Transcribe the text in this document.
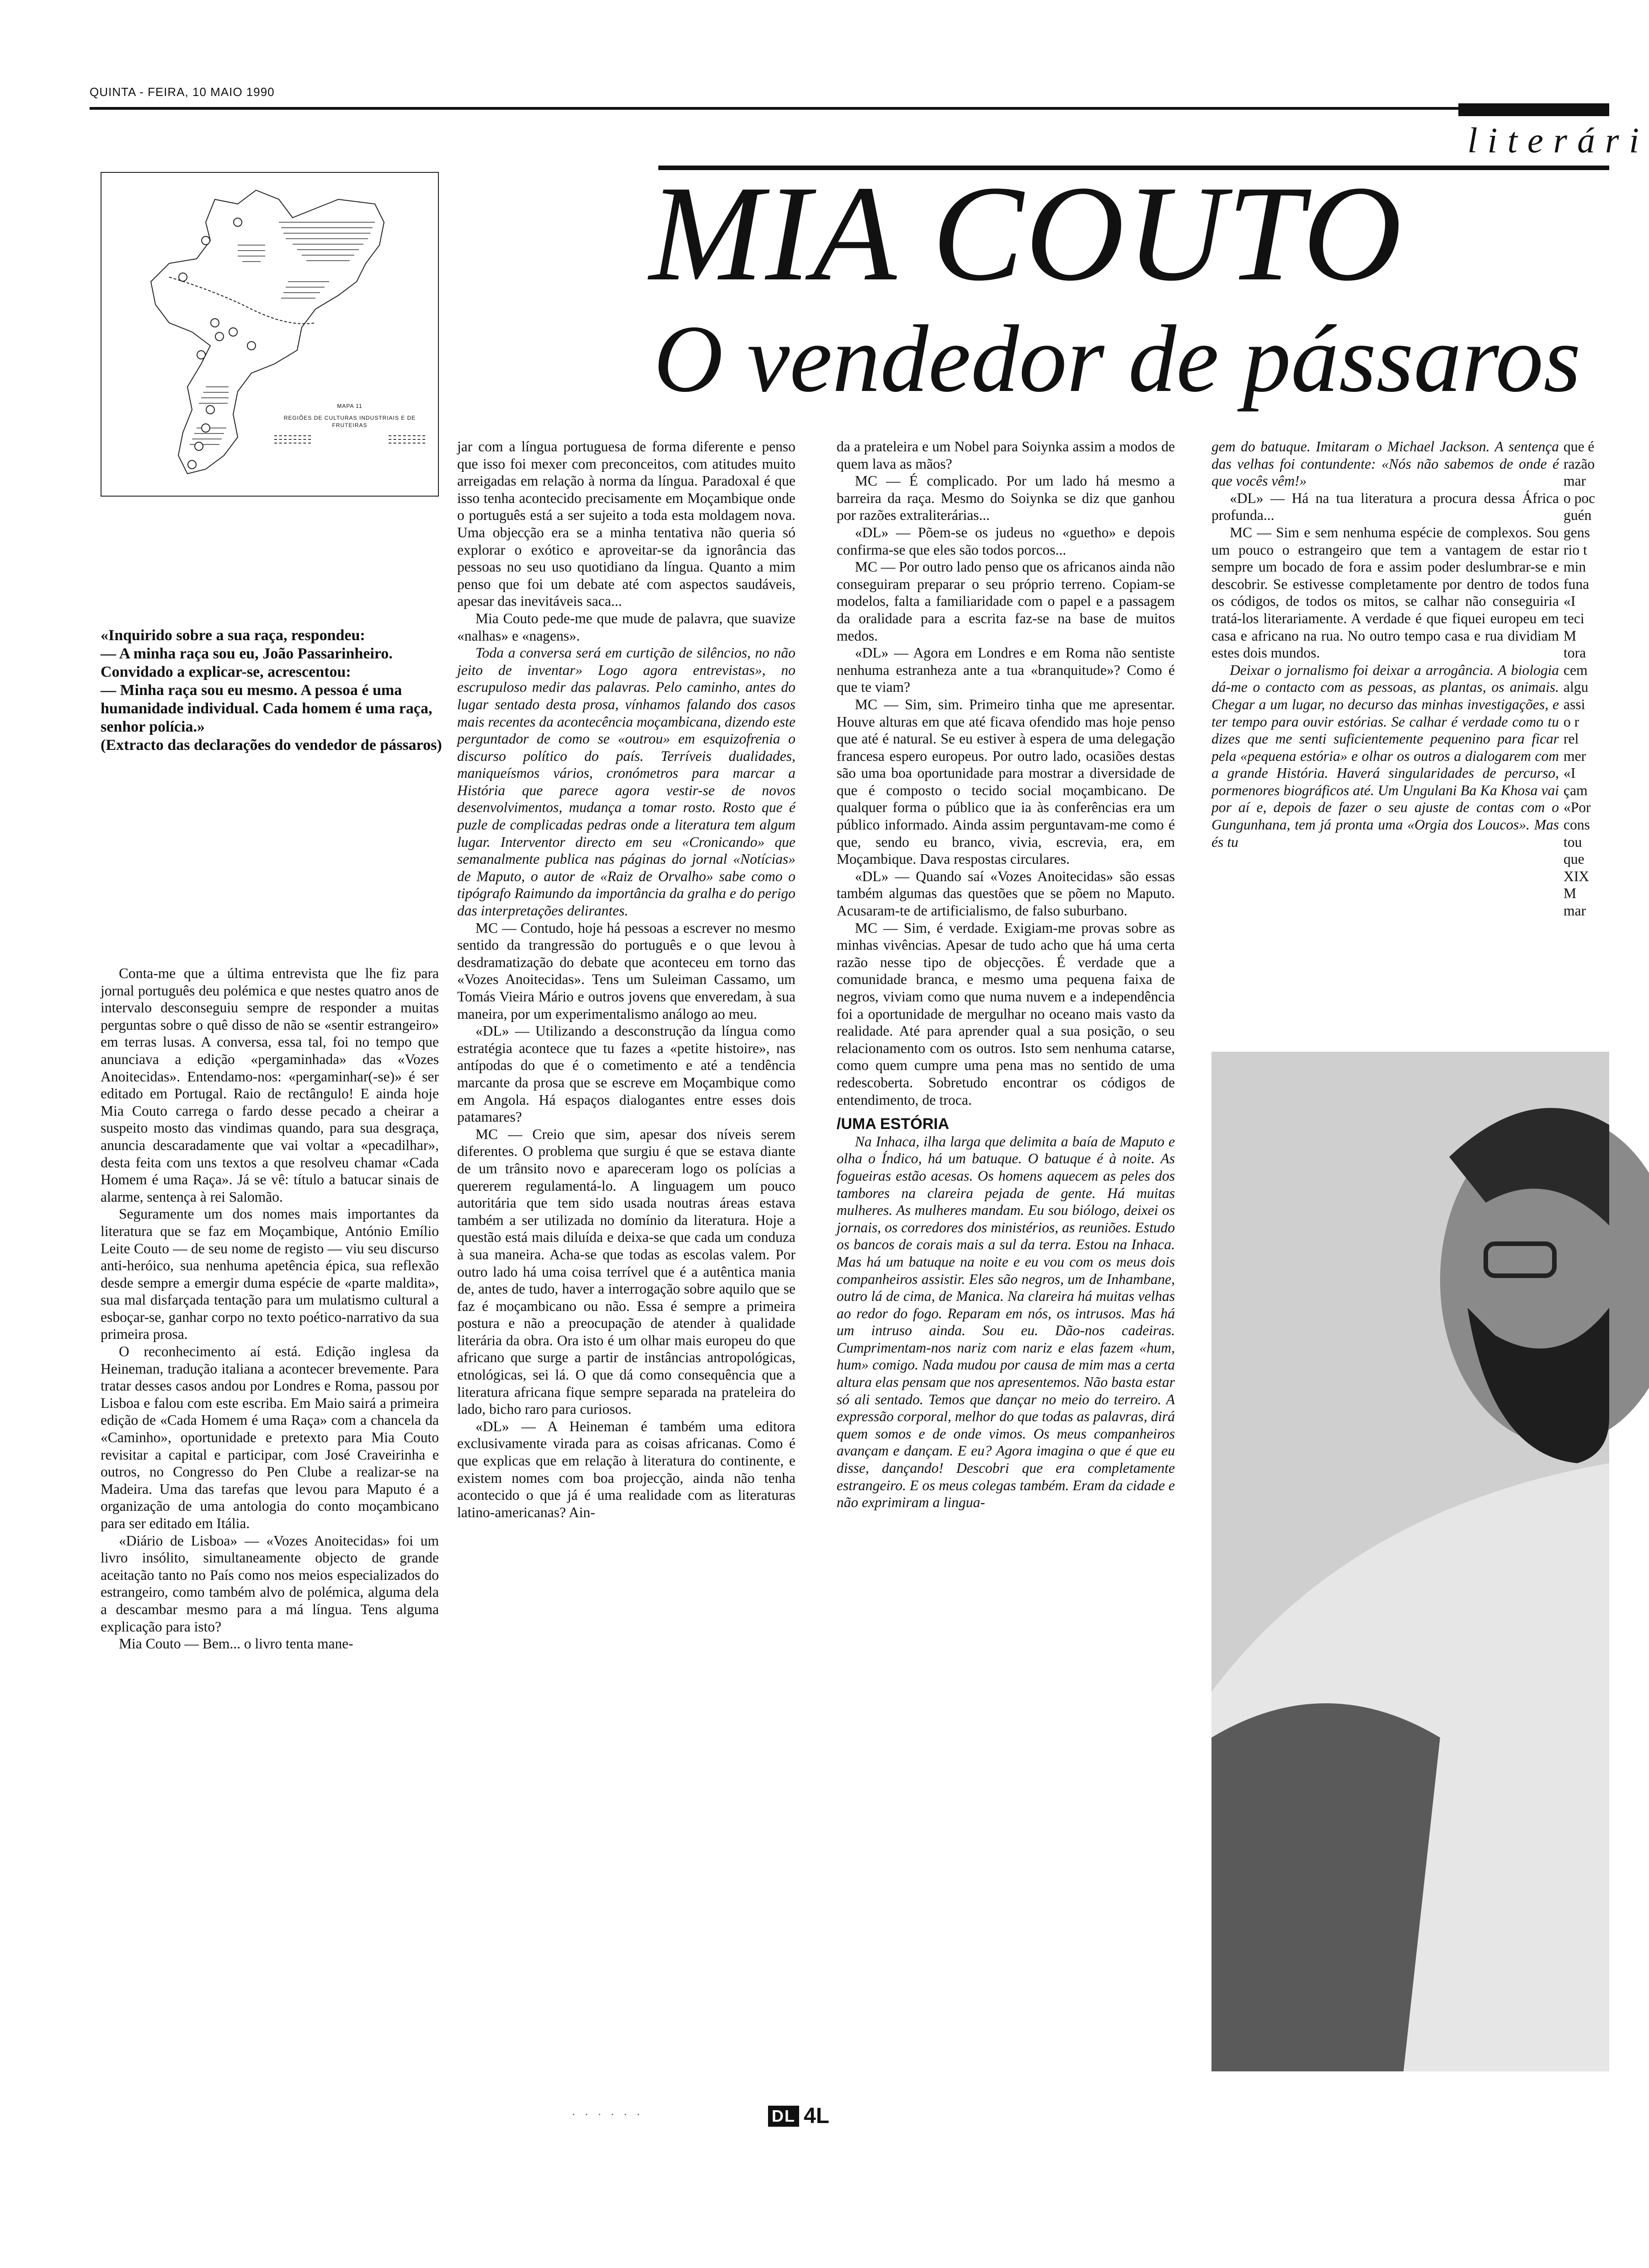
QUINTA - FEIRA, 10 MAIO 1990
literári
MIA COUTO
O vendedor de pássaros
MAPA 11
REGIÕES DE CULTURAS INDUSTRIAIS E DE FRUTEIRAS

«Inquirido sobre a sua raça, respondeu:

— A minha raça sou eu, João Passarinheiro.

Convidado a explicar-se, acrescentou:

— Minha raça sou eu mesmo. A pessoa é uma humanidade individual. Cada homem é uma raça, senhor polícia.»

(Extracto das declarações do vendedor de pássaros)

Conta-me que a última entrevista que lhe fiz para jornal português deu polémica e que nestes quatro anos de intervalo desconseguiu sempre de responder a muitas perguntas sobre o quê disso de não se «sentir estrangeiro» em terras lusas. A conversa, essa tal, foi no tempo que anunciava a edição «pergaminhada» das «Vozes Anoitecidas». Entendamo-nos: «pergaminhar(-se)» é ser editado em Portugal. Raio de rectângulo! E ainda hoje Mia Couto carrega o fardo desse pecado a cheirar a suspeito mosto das vindimas quando, para sua desgraça, anuncia descaradamente que vai voltar a «pecadilhar», desta feita com uns textos a que resolveu chamar «Cada Homem é uma Raça». Já se vê: título a batucar sinais de alarme, sentença à rei Salomão.

Seguramente um dos nomes mais importantes da literatura que se faz em Moçambique, António Emílio Leite Couto — de seu nome de registo — viu seu discurso anti-heróico, sua nenhuma apetência épica, sua reflexão desde sempre a emergir duma espécie de «parte maldita», sua mal disfarçada tentação para um mulatismo cultural a esboçar-se, ganhar corpo no texto poético-narrativo da sua primeira prosa.

O reconhecimento aí está. Edição inglesa da Heineman, tradução italiana a acontecer brevemente. Para tratar desses casos andou por Londres e Roma, passou por Lisboa e falou com este escriba. Em Maio sairá a primeira edição de «Cada Homem é uma Raça» com a chancela da «Caminho», oportunidade e pretexto para Mia Couto revisitar a capital e participar, com José Craveirinha e outros, no Congresso do Pen Clube a realizar-se na Madeira. Uma das tarefas que levou para Maputo é a organização de uma antologia do conto moçambicano para ser editado em Itália.

«Diário de Lisboa» — «Vozes Anoitecidas» foi um livro insólito, simultaneamente objecto de grande aceitação tanto no País como nos meios especializados do estrangeiro, como também alvo de polémica, alguma dela a descambar mesmo para a má língua. Tens alguma explicação para isto?

Mia Couto — Bem... o livro tenta mane-

jar com a língua portuguesa de forma diferente e penso que isso foi mexer com preconceitos, com atitudes muito arreigadas em relação à norma da língua. Paradoxal é que isso tenha acontecido precisamente em Moçambique onde o português está a ser sujeito a toda esta moldagem nova. Uma objecção era se a minha tentativa não queria só explorar o exótico e aproveitar-se da ignorância das pessoas no seu uso quotidiano da língua. Quanto a mim penso que foi um debate até com aspectos saudáveis, apesar das inevitáveis saca...

Mia Couto pede-me que mude de palavra, que suavize «nalhas» e «nagens».

Toda a conversa será em curtição de silêncios, no não jeito de inventar» Logo agora entrevistas», no escrupuloso medir das palavras. Pelo caminho, antes do lugar sentado desta prosa, vínhamos falando dos casos mais recentes da acontecência moçambicana, dizendo este perguntador de como se «outrou» em esquizofrenia o discurso político do país. Terríveis dualidades, maniqueísmos vários, cronómetros para marcar a História que parece agora vestir-se de novos desenvolvimentos, mudança a tomar rosto. Rosto que é puzle de complicadas pedras onde a literatura tem algum lugar. Interventor directo em seu «Cronicando» que semanalmente publica nas páginas do jornal «Notícias» de Maputo, o autor de «Raiz de Orvalho» sabe como o tipógrafo Raimundo da importância da gralha e do perigo das interpretações delirantes.

MC — Contudo, hoje há pessoas a escrever no mesmo sentido da trangressão do português e o que levou à desdramatização do debate que aconteceu em torno das «Vozes Anoitecidas». Tens um Suleiman Cassamo, um Tomás Vieira Mário e outros jovens que enveredam, à sua maneira, por um experimentalismo análogo ao meu.

«DL» — Utilizando a desconstrução da língua como estratégia acontece que tu fazes a «petite histoire», nas antípodas do que é o cometimento e até a tendência marcante da prosa que se escreve em Moçambique como em Angola. Há espaços dialogantes entre esses dois patamares?

MC — Creio que sim, apesar dos níveis serem diferentes. O problema que surgiu é que se estava diante de um trânsito novo e apareceram logo os polícias a quererem regulamentá-lo. A linguagem um pouco autoritária que tem sido usada noutras áreas estava também a ser utilizada no domínio da literatura. Hoje a questão está mais diluída e deixa-se que cada um conduza à sua maneira. Acha-se que todas as escolas valem. Por outro lado há uma coisa terrível que é a autêntica mania de, antes de tudo, haver a interrogação sobre aquilo que se faz é moçambicano ou não. Essa é sempre a primeira postura e não a preocupação de atender à qualidade literária da obra. Ora isto é um olhar mais europeu do que africano que surge a partir de instâncias antropológicas, etnológicas, sei lá. O que dá como consequência que a literatura africana fique sempre separada na prateleira do lado, bicho raro para curiosos.

«DL» — A Heineman é também uma editora exclusivamente virada para as coisas africanas. Como é que explicas que em relação à literatura do continente, e existem nomes com boa projecção, ainda não tenha acontecido o que já é uma realidade com as literaturas latino-americanas? Ain-

da a prateleira e um Nobel para Soiynka assim a modos de quem lava as mãos?

MC — É complicado. Por um lado há mesmo a barreira da raça. Mesmo do Soiynka se diz que ganhou por razões extraliterárias...

«DL» — Põem-se os judeus no «guetho» e depois confirma-se que eles são todos porcos...

MC — Por outro lado penso que os africanos ainda não conseguiram preparar o seu próprio terreno. Copiam-se modelos, falta a familiaridade com o papel e a passagem da oralidade para a escrita faz-se na base de muitos medos.

«DL» — Agora em Londres e em Roma não sentiste nenhuma estranheza ante a tua «branquitude»? Como é que te viam?

MC — Sim, sim. Primeiro tinha que me apresentar. Houve alturas em que até ficava ofendido mas hoje penso que até é natural. Se eu estiver à espera de uma delegação francesa espero europeus. Por outro lado, ocasiões destas são uma boa oportunidade para mostrar a diversidade de que é composto o tecido social moçambicano. De qualquer forma o público que ia às conferências era um público informado. Ainda assim perguntavam-me como é que, sendo eu branco, vivia, escrevia, era, em Moçambique. Dava respostas circulares.

«DL» — Quando saí «Vozes Anoitecidas» são essas também algumas das questões que se põem no Maputo. Acusaram-te de artificialismo, de falso suburbano.

MC — Sim, é verdade. Exigiam-me provas sobre as minhas vivências. Apesar de tudo acho que há uma certa razão nesse tipo de objecções. É verdade que a comunidade branca, e mesmo uma pequena faixa de negros, viviam como que numa nuvem e a independência foi a oportunidade de mergulhar no oceano mais vasto da realidade. Até para aprender qual a sua posição, o seu relacionamento com os outros. Isto sem nenhuma catarse, como quem cumpre uma pena mas no sentido de uma redescoberta. Sobretudo encontrar os códigos de entendimento, de troca.

/UMA ESTÓRIA

Na Inhaca, ilha larga que delimita a baía de Maputo e olha o Índico, há um batuque. O batuque é à noite. As fogueiras estão acesas. Os homens aquecem as peles dos tambores na clareira pejada de gente. Há muitas mulheres. As mulheres mandam. Eu sou biólogo, deixei os jornais, os corredores dos ministérios, as reuniões. Estudo os bancos de corais mais a sul da terra. Estou na Inhaca. Mas há um batuque na noite e eu vou com os meus dois companheiros assistir. Eles são negros, um de Inhambane, outro lá de cima, de Manica. Na clareira há muitas velhas ao redor do fogo. Reparam em nós, os intrusos. Mas há um intruso ainda. Sou eu. Dão-nos cadeiras. Cumprimentam-nos nariz com nariz e elas fazem «hum, hum» comigo. Nada mudou por causa de mim mas a certa altura elas pensam que nos apresentemos. Não basta estar só ali sentado. Temos que dançar no meio do terreiro. A expressão corporal, melhor do que todas as palavras, dirá quem somos e de onde vimos. Os meus companheiros avançam e dançam. E eu? Agora imagina o que é que eu disse, dançando! Descobri que era completamente estrangeiro. E os meus colegas também. Eram da cidade e não exprimiram a lingua-

gem do batuque. Imitaram o Michael Jackson. A sentença das velhas foi contundente: «Nós não sabemos de onde é que vocês vêm!»

«DL» — Há na tua literatura a procura dessa África profunda...

MC — Sim e sem nenhuma espécie de complexos. Sou um pouco o estrangeiro que tem a vantagem de estar sempre um bocado de fora e assim poder deslumbrar-se e descobrir. Se estivesse completamente por dentro de todos os códigos, de todos os mitos, se calhar não conseguiria tratá-los literariamente. A verdade é que fiquei europeu em casa e africano na rua. No outro tempo casa e rua dividiam estes dois mundos.

Deixar o jornalismo foi deixar a arrogância. A biologia dá-me o contacto com as pessoas, as plantas, os animais. Chegar a um lugar, no decurso das minhas investigações, e ter tempo para ouvir estórias. Se calhar é verdade como tu dizes que me senti suficientemente pequenino para ficar pela «pequena estória» e olhar os outros a dialogarem com a grande História. Haverá singularidades de percurso, pormenores biográficos até. Um Ungulani Ba Ka Khosa vai por aí e, depois de fazer o seu ajuste de contas com o Gungunhana, tem já pronta uma «Orgia dos Loucos». Mas és tu

que é

razão

mar

o poc

guén

gens

rio t

min

funa

«I

teci

M

tora

cem

algu

assi

o r

rel

mer

«I

çam

«Por

cons

tou

que

XIX

M

mar

· · · · · ·	DL 4L
